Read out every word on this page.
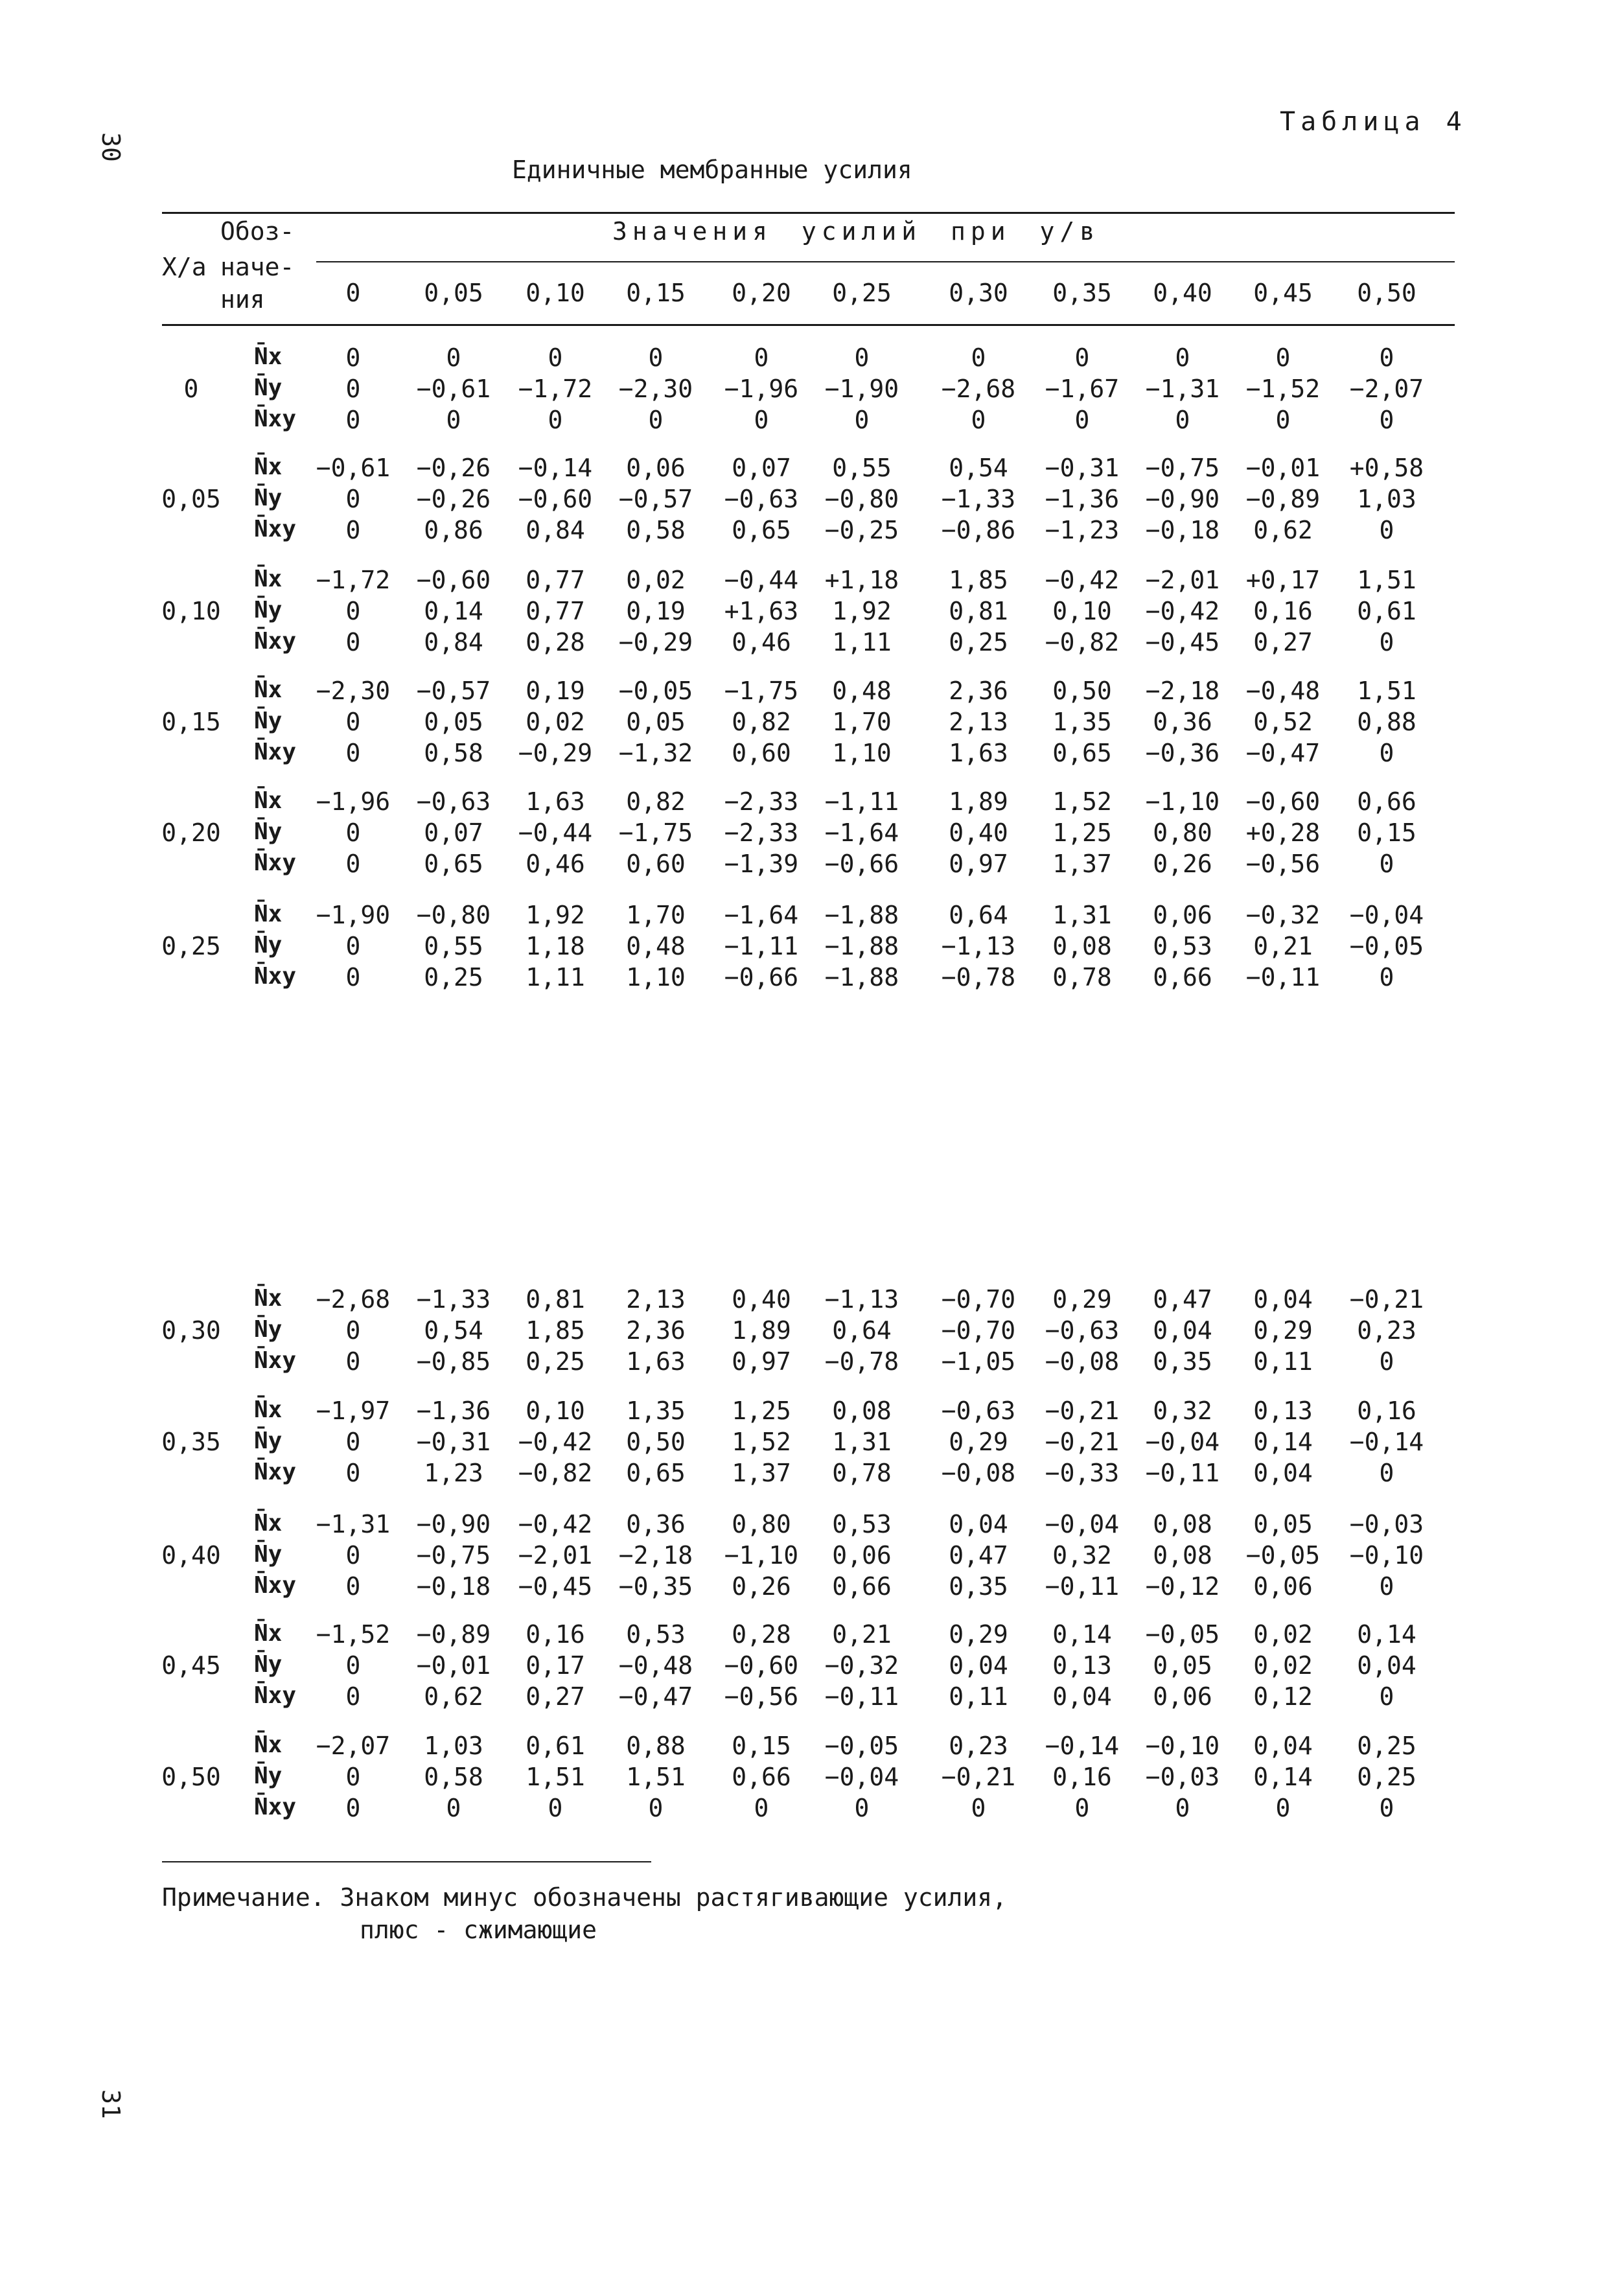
30
31
Таблица 4
Единичные мембранные усилия
X/a
Обоз-
наче-
ния
Значения усилий при у/в
0	0,05	0,10	0,15	0,20	0,25	0,30	0,35	0,40	0,45	0,50
0
N̄x	0	0	0	0	0	0	0	0	0	0	0
N̄y	0	−0,61	−1,72	−2,30	−1,96	−1,90	−2,68	−1,67	−1,31	−1,52	−2,07
N̄xy	0	0	0	0	0	0	0	0	0	0	0
0,05
N̄x	−0,61	−0,26	−0,14	0,06	0,07	0,55	0,54	−0,31	−0,75	−0,01	+0,58
N̄y	0	−0,26	−0,60	−0,57	−0,63	−0,80	−1,33	−1,36	−0,90	−0,89	1,03
N̄xy	0	0,86	0,84	0,58	0,65	−0,25	−0,86	−1,23	−0,18	0,62	0
0,10
N̄x	−1,72	−0,60	0,77	0,02	−0,44	+1,18	1,85	−0,42	−2,01	+0,17	1,51
N̄y	0	0,14	0,77	0,19	+1,63	1,92	0,81	0,10	−0,42	0,16	0,61
N̄xy	0	0,84	0,28	−0,29	0,46	1,11	0,25	−0,82	−0,45	0,27	0
0,15
N̄x	−2,30	−0,57	0,19	−0,05	−1,75	0,48	2,36	0,50	−2,18	−0,48	1,51
N̄y	0	0,05	0,02	0,05	0,82	1,70	2,13	1,35	0,36	0,52	0,88
N̄xy	0	0,58	−0,29	−1,32	0,60	1,10	1,63	0,65	−0,36	−0,47	0
0,20
N̄x	−1,96	−0,63	1,63	0,82	−2,33	−1,11	1,89	1,52	−1,10	−0,60	0,66
N̄y	0	0,07	−0,44	−1,75	−2,33	−1,64	0,40	1,25	0,80	+0,28	0,15
N̄xy	0	0,65	0,46	0,60	−1,39	−0,66	0,97	1,37	0,26	−0,56	0
0,25
N̄x	−1,90	−0,80	1,92	1,70	−1,64	−1,88	0,64	1,31	0,06	−0,32	−0,04
N̄y	0	0,55	1,18	0,48	−1,11	−1,88	−1,13	0,08	0,53	0,21	−0,05
N̄xy	0	0,25	1,11	1,10	−0,66	−1,88	−0,78	0,78	0,66	−0,11	0
0,30
N̄x	−2,68	−1,33	0,81	2,13	0,40	−1,13	−0,70	0,29	0,47	0,04	−0,21
N̄y	0	0,54	1,85	2,36	1,89	0,64	−0,70	−0,63	0,04	0,29	0,23
N̄xy	0	−0,85	0,25	1,63	0,97	−0,78	−1,05	−0,08	0,35	0,11	0
0,35
N̄x	−1,97	−1,36	0,10	1,35	1,25	0,08	−0,63	−0,21	0,32	0,13	0,16
N̄y	0	−0,31	−0,42	0,50	1,52	1,31	0,29	−0,21	−0,04	0,14	−0,14
N̄xy	0	1,23	−0,82	0,65	1,37	0,78	−0,08	−0,33	−0,11	0,04	0
0,40
N̄x	−1,31	−0,90	−0,42	0,36	0,80	0,53	0,04	−0,04	0,08	0,05	−0,03
N̄y	0	−0,75	−2,01	−2,18	−1,10	0,06	0,47	0,32	0,08	−0,05	−0,10
N̄xy	0	−0,18	−0,45	−0,35	0,26	0,66	0,35	−0,11	−0,12	0,06	0
0,45
N̄x	−1,52	−0,89	0,16	0,53	0,28	0,21	0,29	0,14	−0,05	0,02	0,14
N̄y	0	−0,01	0,17	−0,48	−0,60	−0,32	0,04	0,13	0,05	0,02	0,04
N̄xy	0	0,62	0,27	−0,47	−0,56	−0,11	0,11	0,04	0,06	0,12	0
0,50
N̄x	−2,07	1,03	0,61	0,88	0,15	−0,05	0,23	−0,14	−0,10	0,04	0,25
N̄y	0	0,58	1,51	1,51	0,66	−0,04	−0,21	0,16	−0,03	0,14	0,25
N̄xy	0	0	0	0	0	0	0	0	0	0	0
Примечание. Знаком минус обозначены растягивающие усилия,
плюс - сжимающие
